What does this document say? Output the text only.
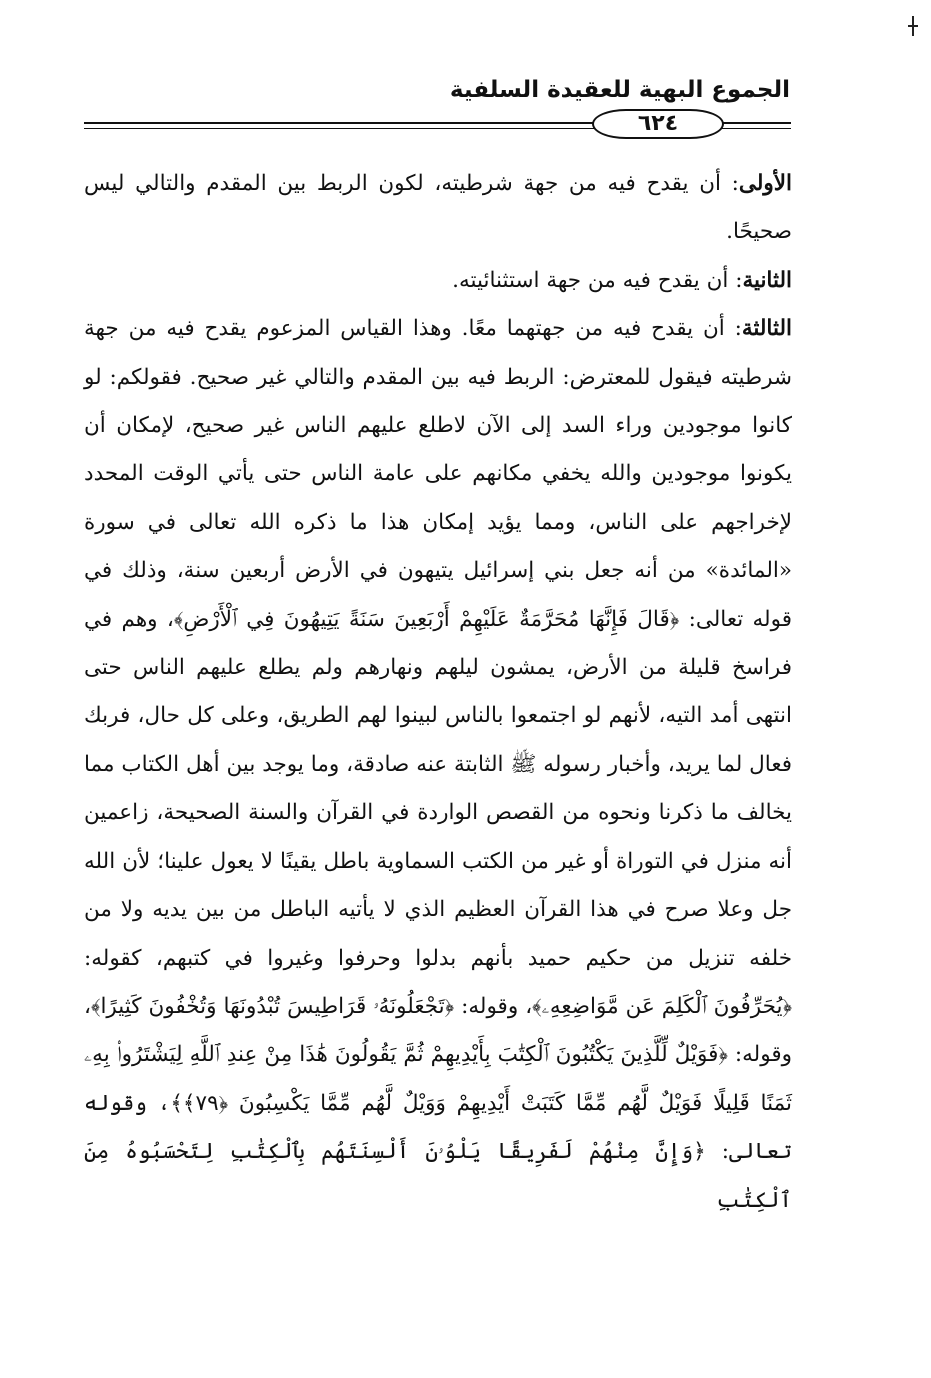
الجموع البهية للعقيدة السلفية
٦٢٤

الأولى: أن يقدح فيه من جهة شرطيته، لكون الربط بين المقدم والتالي ليس صحيحًا.

الثانية: أن يقدح فيه من جهة استثنائيته.

الثالثة: أن يقدح فيه من جهتهما معًا. وهذا القياس المزعوم يقدح فيه من جهة شرطيته فيقول للمعترض: الربط فيه بين المقدم والتالي غير صحيح. فقولكم: لو كانوا موجودين وراء السد إلى الآن لاطلع عليهم الناس غير صحيح، لإمكان أن يكونوا موجودين والله يخفي مكانهم على عامة الناس حتى يأتي الوقت المحدد لإخراجهم على الناس، ومما يؤيد إمكان هذا ما ذكره الله تعالى في سورة «المائدة» من أنه جعل بني إسرائيل يتيهون في الأرض أربعين سنة، وذلك في قوله تعالى: ﴿قَالَ فَإِنَّهَا مُحَرَّمَةٌ عَلَيْهِمْ أَرْبَعِينَ سَنَةً يَتِيهُونَ فِي ٱلْأَرْضِ﴾، وهم في فراسخ قليلة من الأرض، يمشون ليلهم ونهارهم ولم يطلع عليهم الناس حتى انتهى أمد التيه، لأنهم لو اجتمعوا بالناس لبينوا لهم الطريق، وعلى كل حال، فربك فعال لما يريد، وأخبار رسوله ﷺ الثابتة عنه صادقة، وما يوجد بين أهل الكتاب مما يخالف ما ذكرنا ونحوه من القصص الواردة في القرآن والسنة الصحيحة، زاعمين أنه منزل في التوراة أو غير من الكتب السماوية باطل يقينًا لا يعول علينا؛ لأن الله جل وعلا صرح في هذا القرآن العظيم الذي لا يأتيه الباطل من بين يديه ولا من خلفه تنزيل من حكيم حميد بأنهم بدلوا وحرفوا وغيروا في كتبهم، كقوله: ﴿يُحَرِّفُونَ ٱلْكَلِمَ عَن مَّوَاضِعِهِۦ﴾، وقوله: ﴿تَجْعَلُونَهُۥ قَرَاطِيسَ تُبْدُونَهَا وَتُخْفُونَ كَثِيرًا﴾، وقوله: ﴿فَوَيْلٌ لِّلَّذِينَ يَكْتُبُونَ ٱلْكِتَٰبَ بِأَيْدِيهِمْ ثُمَّ يَقُولُونَ هَٰذَا مِنْ عِندِ ٱللَّهِ لِيَشْتَرُوا۟ بِهِۦ ثَمَنًا قَلِيلًا فَوَيْلٌ لَّهُم مِّمَّا كَتَبَتْ أَيْدِيهِمْ وَوَيْلٌ لَّهُم مِّمَّا يَكْسِبُونَ ﴿٧٩﴾﴾، وقوله تعالى: ﴿وَإِنَّ مِنْهُمْ لَفَرِيقًا يَلْوُۥنَ أَلْسِنَتَهُم بِٱلْكِتَٰبِ لِتَحْسَبُوهُ مِنَ ٱلْكِتَٰبِ
